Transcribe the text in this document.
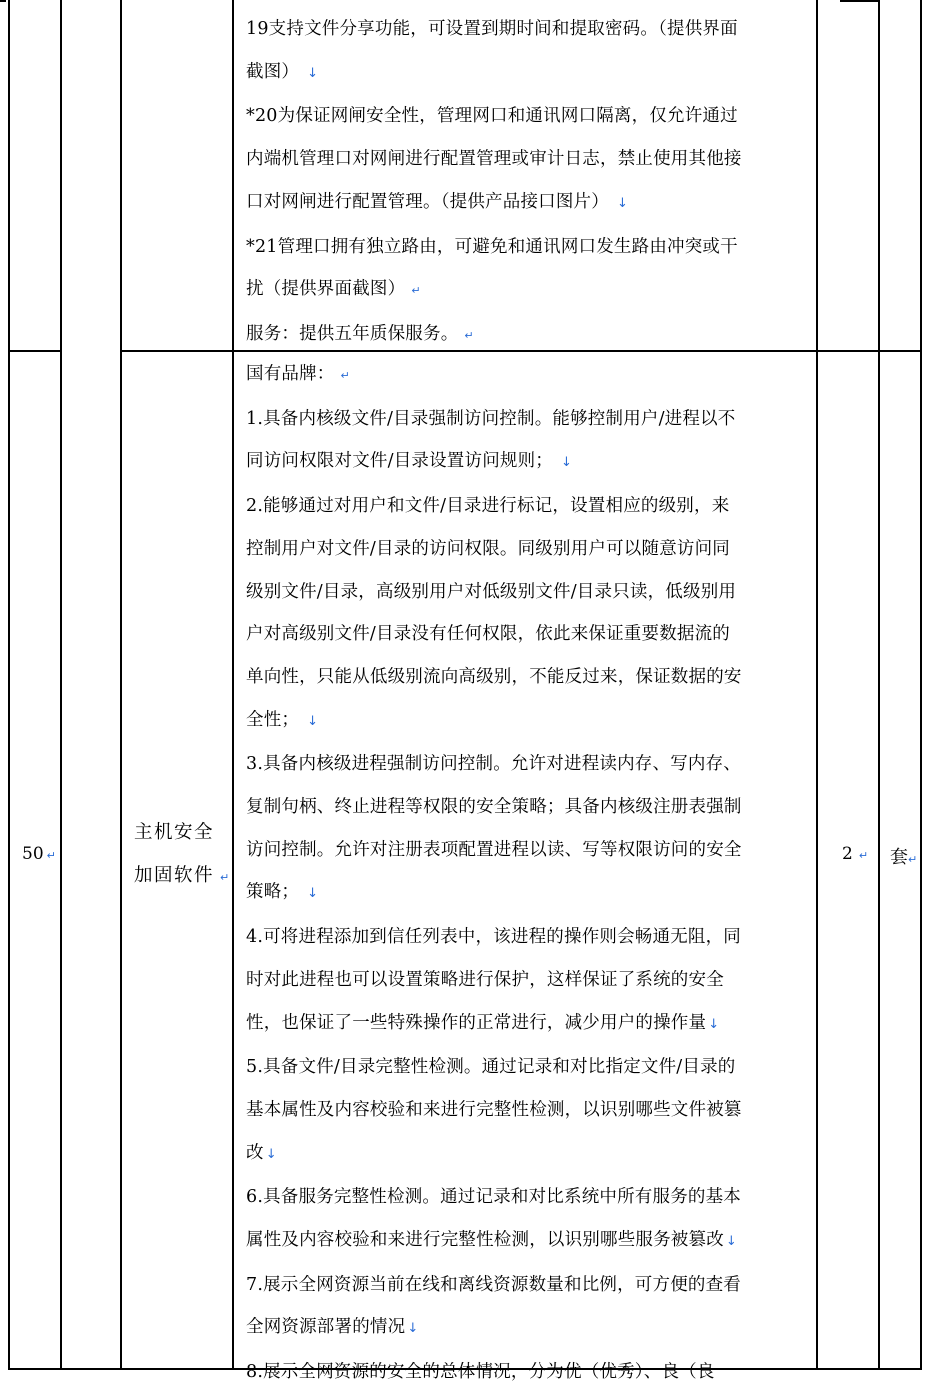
19支持文件分享功能，可设置到期时间和提取密码。（提供界面
截图） ↓
*20为保证网闸安全性，管理网口和通讯网口隔离，仅允许通过
内端机管理口对网闸进行配置管理或审计日志，禁止使用其他接
口对网闸进行配置管理。（提供产品接口图片） ↓
*21管理口拥有独立路由，可避免和通讯网口发生路由冲突或干
扰（提供界面截图） ↵
服务：提供五年质保服务。 ↵
50 ↵
主机安全
加固软件 ↵
2 ↵ 套↵
国有品牌： ↵
1.具备内核级文件/目录强制访问控制。能够控制用户/进程以不
同访问权限对文件/目录设置访问规则； ↓
2.能够通过对用户和文件/目录进行标记，设置相应的级别，来
控制用户对文件/目录的访问权限。同级别用户可以随意访问同
级别文件/目录，高级别用户对低级别文件/目录只读，低级别用
户对高级别文件/目录没有任何权限，依此来保证重要数据流的
单向性，只能从低级别流向高级别，不能反过来，保证数据的安
全性； ↓
3.具备内核级进程强制访问控制。允许对进程读内存、写内存、
复制句柄、终止进程等权限的安全策略；具备内核级注册表强制
访问控制。允许对注册表项配置进程以读、写等权限访问的安全
策略； ↓
4.可将进程添加到信任列表中，该进程的操作则会畅通无阻，同
时对此进程也可以设置策略进行保护，这样保证了系统的安全
性，也保证了一些特殊操作的正常进行，减少用户的操作量 ↓
5.具备文件/目录完整性检测。通过记录和对比指定文件/目录的
基本属性及内容校验和来进行完整性检测，以识别哪些文件被篡
改 ↓
6.具备服务完整性检测。通过记录和对比系统中所有服务的基本
属性及内容校验和来进行完整性检测，以识别哪些服务被篡改 ↓
7.展示全网资源当前在线和离线资源数量和比例，可方便的查看
全网资源部署的情况 ↓
8.展示全网资源的安全的总体情况，分为优（优秀）、良（良
